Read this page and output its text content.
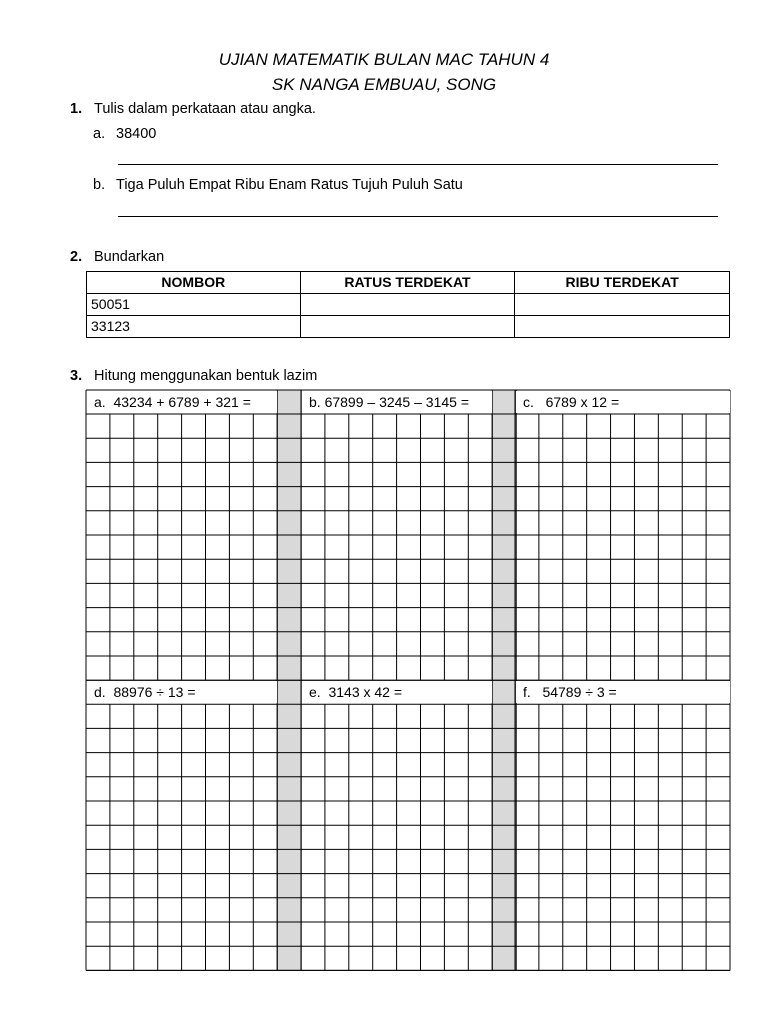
UJIAN MATEMATIK BULAN MAC TAHUN 4
SK NANGA EMBUAU, SONG
1. Tulis dalam perkataan atau angka.
a. 38400
b. Tiga Puluh Empat Ribu Enam Ratus Tujuh Puluh Satu
2. Bundarkan
NOMBOR	RATUS TERDEKAT	RIBU TERDEKAT
50051		
33123		
3. Hitung menggunakan bentuk lazim
a. 43234 + 6789 + 321 =	b. 67899 – 3245 – 3145 =	c. 6789 x 12 =
d. 88976 ÷ 13 =	e. 3143 x 42 =	f. 54789 ÷ 3 =
